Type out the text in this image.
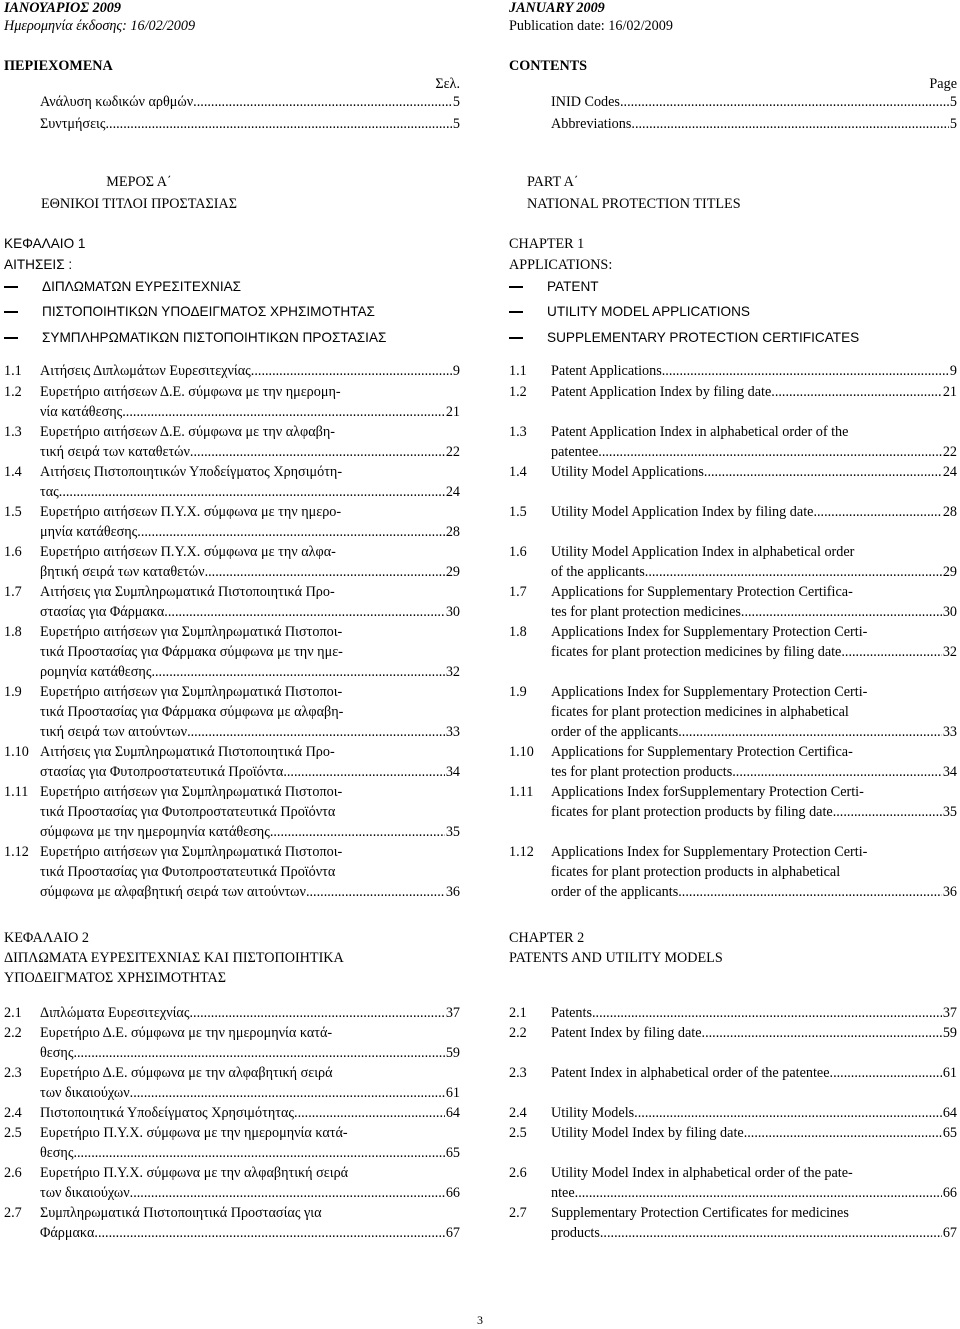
ΙΑΝΟΥΑΡΙΟΣ 2009
Ημερομηνία έκδοσης: 16/02/2009
ΠΕΡΙΕΧΟΜΕΝΑ
Σελ.
Ανάλυση κωδικών αρθμών .....	5
Συντμήσεις .....	5
ΜΕΡΟΣ Α΄
ΕΘΝΙΚΟΙ ΤΙΤΛΟΙ ΠΡΟΣΤΑΣΙΑΣ
ΚΕΦΑΛΑΙΟ 1
ΑΙΤΗΣΕΙΣ :
ΔΙΠΛΩΜΑΤΩΝ ΕΥΡΕΣΙΤΕΧΝΙΑΣ
ΠΙΣΤΟΠΟΙΗΤΙΚΩΝ ΥΠΟΔΕΙΓΜΑΤΟΣ ΧΡΗΣΙΜΟΤΗΤΑΣ
ΣΥΜΠΛΗΡΩΜΑΤΙΚΩΝ ΠΙΣΤΟΠΟΙΗΤΙΚΩΝ ΠΡΟΣΤΑΣΙΑΣ
1.1 Αιτήσεις Διπλωμάτων Ευρεσιτεχνίας .....	9
1.2 Ευρετήριο αιτήσεων Δ.Ε. σύμφωνα με την ημερομη-
νία κατάθεσης .....	21
1.3 Ευρετήριο αιτήσεων Δ.Ε. σύμφωνα με την αλφαβη-
τική σειρά των καταθετών .....	22
1.4 Αιτήσεις Πιστοποιητικών Υποδείγματος Χρησιμότη-
τας .....	24
1.5 Ευρετήριο αιτήσεων Π.Υ.Χ. σύμφωνα με την ημερο-
μηνία κατάθεσης .....	28
1.6 Ευρετήριο αιτήσεων Π.Υ.Χ. σύμφωνα με την αλφα-
βητική σειρά των καταθετών .....	29
1.7 Αιτήσεις για Συμπληρωματικά Πιστοποιητικά Προ-
στασίας για Φάρμακα .....	30
1.8 Ευρετήριο αιτήσεων για Συμπληρωματικά Πιστοποι-
τικά Προστασίας για Φάρμακα σύμφωνα με την ημε-
ρομηνία κατάθεσης .....	32
1.9 Ευρετήριο αιτήσεων για Συμπληρωματικά Πιστοποι-
τικά Προστασίας για Φάρμακα σύμφωνα με αλφαβη-
τική σειρά των αιτούντων .....	33
1.10 Αιτήσεις για Συμπληρωματικά Πιστοποιητικά Προ-
στασίας για Φυτοπροστατευτικά Προϊόντα .....	34
1.11 Ευρετήριο αιτήσεων για Συμπληρωματικά Πιστοποι-
τικά Προστασίας για Φυτοπροστατευτικά Προϊόντα
σύμφωνα με την ημερομηνία κατάθεσης .....	35
1.12 Ευρετήριο αιτήσεων για Συμπληρωματικά Πιστοποι-
τικά Προστασίας για Φυτοπροστατευτικά Προϊόντα
σύμφωνα με αλφαβητική σειρά των αιτούντων .....	36
ΚΕΦΑΛΑΙΟ 2
ΔΙΠΛΩΜΑΤΑ ΕΥΡΕΣΙΤΕΧΝΙΑΣ ΚΑΙ ΠΙΣΤΟΠΟΙΗΤΙΚΑ
ΥΠΟΔΕΙΓΜΑΤΟΣ ΧΡΗΣΙΜΟΤΗΤΑΣ
2.1 Διπλώματα Ευρεσιτεχνίας .....	37
2.2 Ευρετήριο Δ.Ε. σύμφωνα με την ημερομηνία κατά-
θεσης .....	59
2.3 Ευρετήριο Δ.Ε. σύμφωνα με την αλφαβητική σειρά
των δικαιούχων .....	61
2.4 Πιστοποιητικά Υποδείγματος Χρησιμότητας .....	64
2.5 Ευρετήριο Π.Υ.Χ. σύμφωνα με την ημερομηνία κατά-
θεσης .....	65
2.6 Ευρετήριο Π.Υ.Χ. σύμφωνα με την αλφαβητική σειρά
των δικαιούχων .....	66
2.7 Συμπληρωματικά Πιστοποιητικά Προστασίας για
Φάρμακα .....	67
JANUARY 2009
Publication date: 16/02/2009
CONTENTS
Page
INID Codes .....	5
Abbreviations .....	5
PART A΄
NATIONAL PROTECTION TITLES
CHAPTER 1
APPLICATIONS:
PATENT
UTILITY MODEL APPLICATIONS
SUPPLEMENTARY PROTECTION CERTIFICATES
1.1 Patent Applications .....	9
1.2 Patent Application Index by filing date .....	21
1.3 Patent Application Index in alphabetical order of the
patentee .....	22
1.4 Utility Model Applications .....	24
1.5 Utility Model Application Index by filing date .....	28
1.6 Utility Model Application Index in alphabetical order
of the applicants .....	29
1.7 Applications for Supplementary Protection Certifica-
tes for plant protection medicines .....	30
1.8 Applications Index for Supplementary Protection Certi-
ficates for plant protection medicines by filing date .....	32
1.9 Applications Index for Supplementary Protection Certi-
ficates for plant protection medicines in alphabetical
order of the applicants .....	33
1.10 Applications for Supplementary Protection Certifica-
tes for plant protection products .....	34
1.11 Applications Index forSupplementary Protection Certi-
ficates for plant protection products by filing date .....	35
1.12 Applications Index for Supplementary Protection Certi-
ficates for plant protection products in alphabetical
order of the applicants .....	36
CHAPTER 2
PATENTS AND UTILITY MODELS
2.1 Patents .....	37
2.2 Patent Index by filing date .....	59
2.3 Patent Index in alphabetical order of the patentee .....	61
2.4 Utility Models .....	64
2.5 Utility Model Index by filing date .....	65
2.6 Utility Model Index in alphabetical order of the pate-
ntee .....	66
2.7 Supplementary Protection Certificates for medicines
products .....	67
3
